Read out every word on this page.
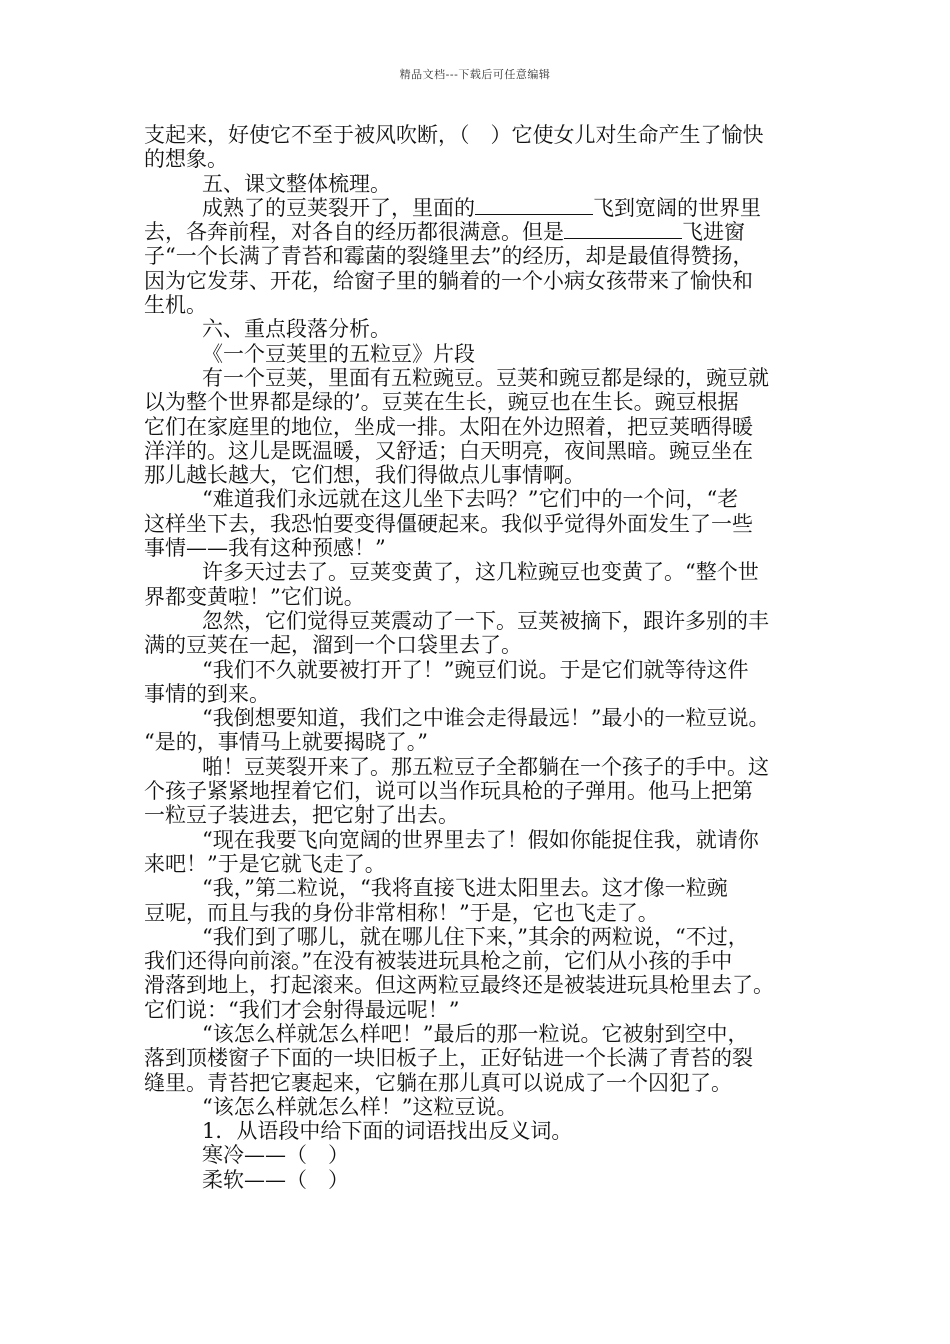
精品文档---下载后可任意编辑
支起来，好使它不至于被风吹断，（　）它使女儿对生命产生了愉快
的想象。
五、课文整体梳理。
成熟了的豆荚裂开了，里面的	飞到宽阔的世界里
去，各奔前程，对各自的经历都很满意。但是	飞进窗
子“一个长满了青苔和霉菌的裂缝里去”的经历，却是最值得赞扬，
因为它发芽、开花，给窗子里的躺着的一个小病女孩带来了愉快和
生机。
六、重点段落分析。
《一个豆荚里的五粒豆》片段
有一个豆荚，里面有五粒豌豆。豆荚和豌豆都是绿的，豌豆就
以为整个世界都是绿的’。豆荚在生长，豌豆也在生长。豌豆根据
它们在家庭里的地位，坐成一排。太阳在外边照着，把豆荚晒得暖
洋洋的。这儿是既温暖，又舒适；白天明亮，夜间黑暗。豌豆坐在
那儿越长越大，它们想，我们得做点儿事情啊。
“难道我们永远就在这儿坐下去吗？”它们中的一个问，“老
这样坐下去，我恐怕要变得僵硬起来。我似乎觉得外面发生了一些
事情——我有这种预感！”
许多天过去了。豆荚变黄了，这几粒豌豆也变黄了。“整个世
界都变黄啦！”它们说。
忽然，它们觉得豆荚震动了一下。豆荚被摘下，跟许多别的丰
满的豆荚在一起，溜到一个口袋里去了。
“我们不久就要被打开了！”豌豆们说。于是它们就等待这件
事情的到来。
“我倒想要知道，我们之中谁会走得最远！”最小的一粒豆说。
“是的，事情马上就要揭晓了。”
啪！豆荚裂开来了。那五粒豆子全都躺在一个孩子的手中。这
个孩子紧紧地捏着它们，说可以当作玩具枪的子弹用。他马上把第
一粒豆子装进去，把它射了出去。
“现在我要飞向宽阔的世界里去了！假如你能捉住我，就请你
来吧！”于是它就飞走了。
“我，”第二粒说，“我将直接飞进太阳里去。这才像一粒豌
豆呢，而且与我的身份非常相称！”于是，它也飞走了。
“我们到了哪儿，就在哪儿住下来，”其余的两粒说，“不过，
我们还得向前滚。”在没有被装进玩具枪之前，它们从小孩的手中
滑落到地上，打起滚来。但这两粒豆最终还是被装进玩具枪里去了。
它们说：“我们才会射得最远呢！”
“该怎么样就怎么样吧！”最后的那一粒说。它被射到空中，
落到顶楼窗子下面的一块旧板子上，正好钻进一个长满了青苔的裂
缝里。青苔把它裹起来，它躺在那儿真可以说成了一个囚犯了。
“该怎么样就怎么样！”这粒豆说。
1．从语段中给下面的词语找出反义词。
寒冷——（　）
柔软——（　）
